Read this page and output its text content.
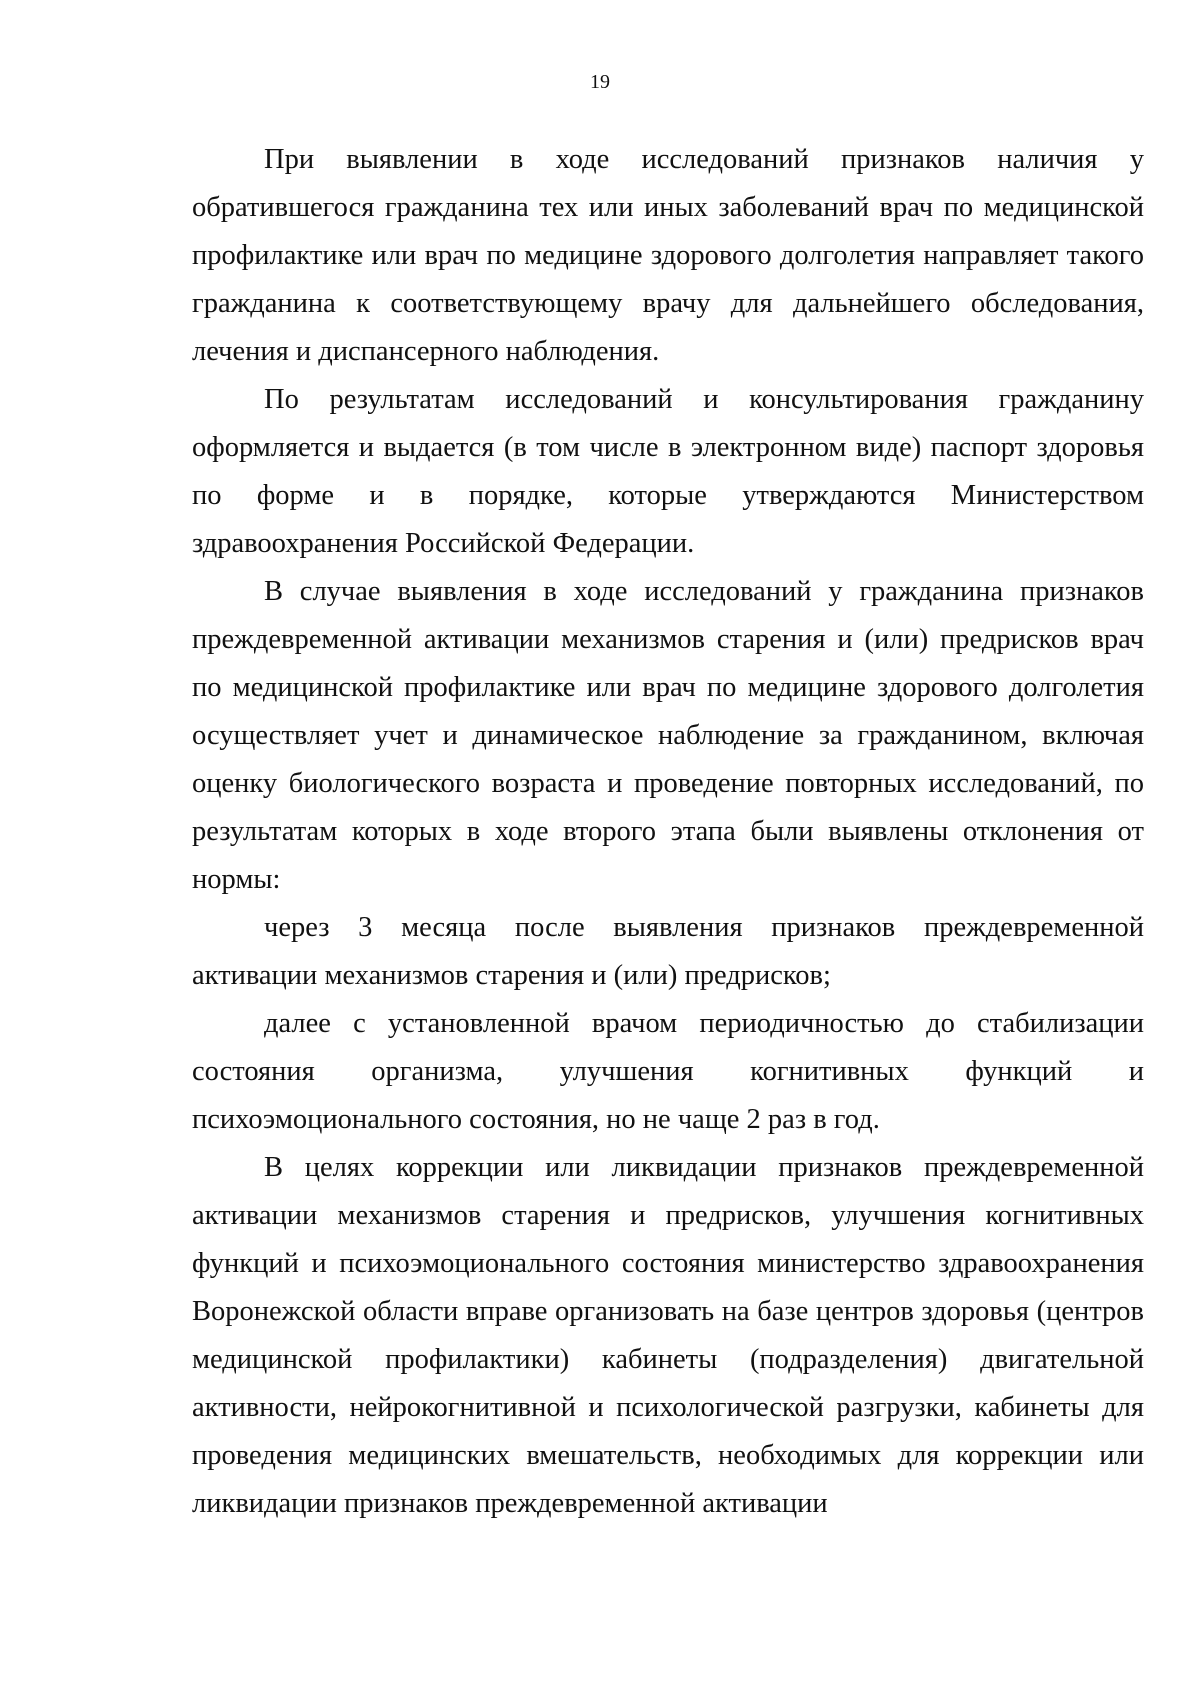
19

При выявлении в ходе исследований признаков наличия у обратившегося гражданина тех или иных заболеваний врач по медицинской профилактике или врач по медицине здорового долголетия направляет такого гражданина к соответствующему врачу для дальнейшего обследования, лечения и диспансерного наблюдения.

По результатам исследований и консультирования гражданину оформляется и выдается (в том числе в электронном виде) паспорт здоровья по форме и в порядке, которые утверждаются Министерством здравоохранения Российской Федерации.

В случае выявления в ходе исследований у гражданина признаков преждевременной активации механизмов старения и (или) предрисков врач по медицинской профилактике или врач по медицине здорового долголетия осуществляет учет и динамическое наблюдение за гражданином, включая оценку биологического возраста и проведение повторных исследований, по результатам которых в ходе второго этапа были выявлены отклонения от нормы:

через 3 месяца после выявления признаков преждевременной активации механизмов старения и (или) предрисков;

далее с установленной врачом периодичностью до стабилизации состояния организма, улучшения когнитивных функций и психоэмоционального состояния, но не чаще 2 раз в год.

В целях коррекции или ликвидации признаков преждевременной активации механизмов старения и предрисков, улучшения когнитивных функций и психоэмоционального состояния министерство здравоохранения Воронежской области вправе организовать на базе центров здоровья (центров медицинской профилактики) кабинеты (подразделения) двигательной активности, нейрокогнитивной и психологической разгрузки, кабинеты для проведения медицинских вмешательств, необходимых для коррекции или ликвидации признаков преждевременной активации
